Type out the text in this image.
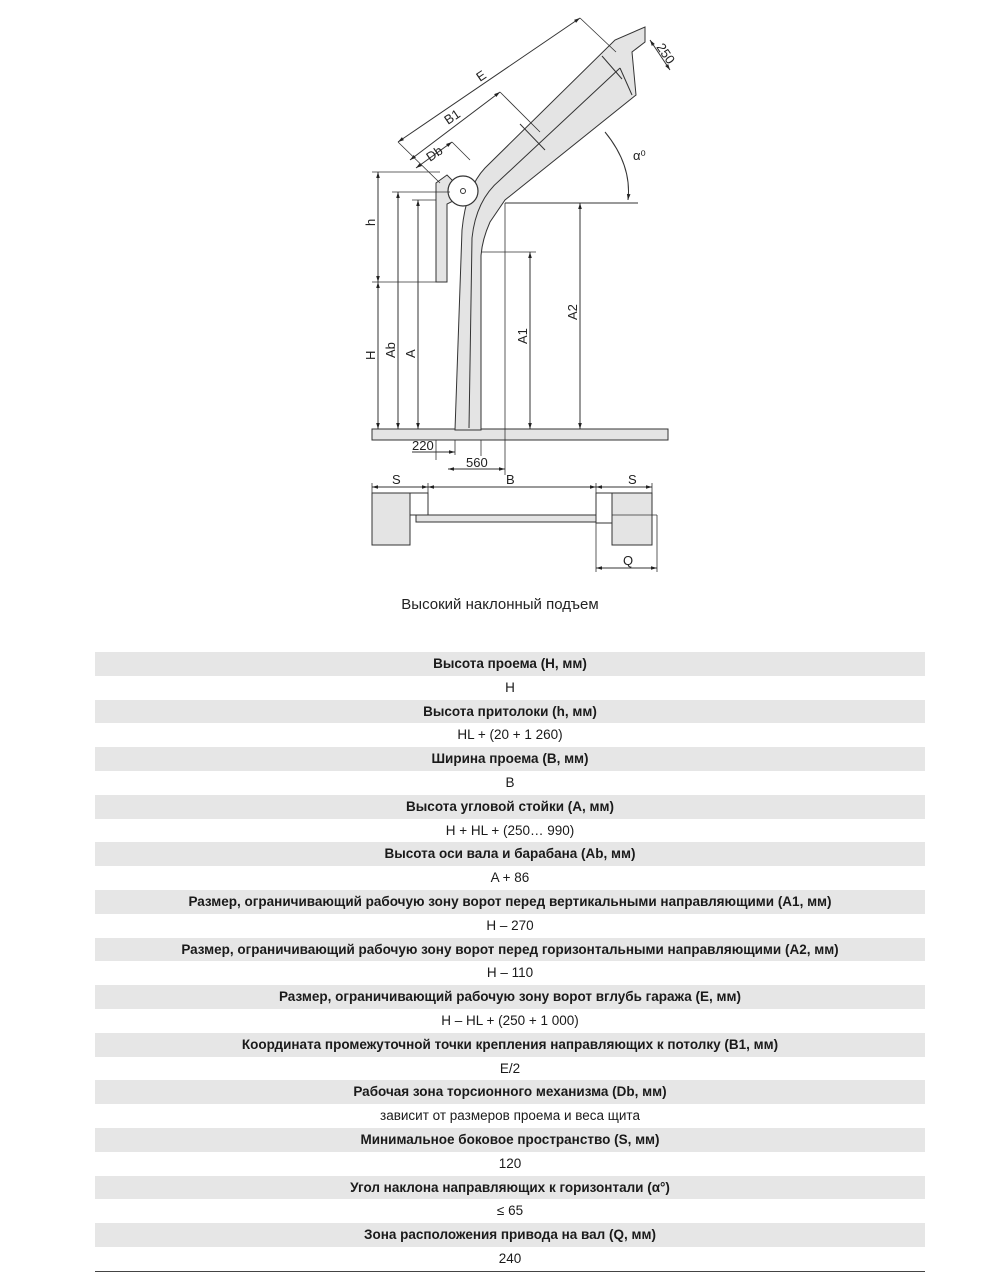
α⁰
E
B1
Db
250
h
H Ab A
A1
A2
220
560
S	B	S
Q
Высокий наклонный подъем
Высота проема (H, мм)
H
Высота притолоки (h, мм)
HL + (20 + 1 260)
Ширина проема (B, мм)
B
Высота угловой стойки (A, мм)
H + HL + (250… 990)
Высота оси вала и барабана (Ab, мм)
A + 86
Размер, ограничивающий рабочую зону ворот перед вертикальными направляющими (A1, мм)
H – 270
Размер, ограничивающий рабочую зону ворот перед горизонтальными направляющими (A2, мм)
H – 110
Размер, ограничивающий рабочую зону ворот вглубь гаража (E, мм)
H – HL + (250 + 1 000)
Координата промежуточной точки крепления направляющих к потолку (B1, мм)
E/2
Рабочая зона торсионного механизма (Db, мм)
зависит от размеров проема и веса щита
Минимальное боковое пространство (S, мм)
120
Угол наклона направляющих к горизонтали (α°)
≤ 65
Зона расположения привода на вал (Q, мм)
240
